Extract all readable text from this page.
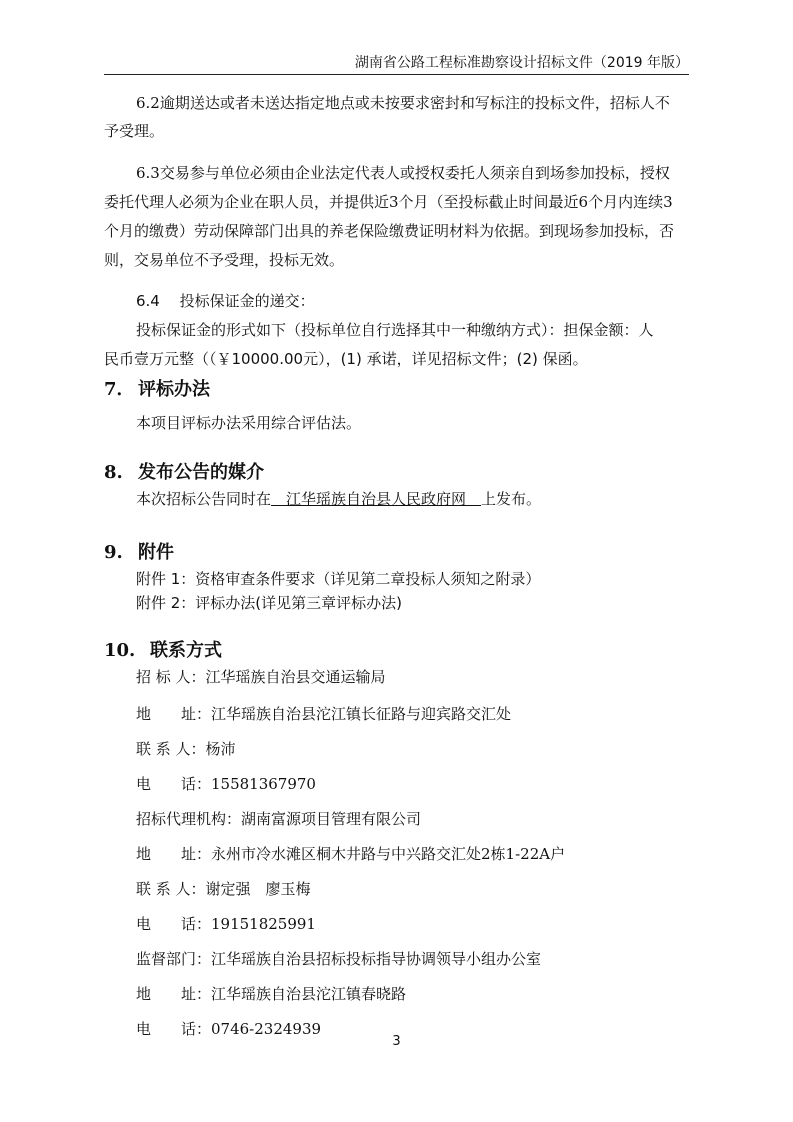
湖南省公路工程标准勘察设计招标文件（2019 年版）
6.2逾期送达或者未送达指定地点或未按要求密封和写标注的投标文件，招标人不
予受理。
6.3交易参与单位必须由企业法定代表人或授权委托人须亲自到场参加投标，授权
委托代理人必须为企业在职人员，并提供近3个月（至投标截止时间最近6个月内连续3
个月的缴费）劳动保障部门出具的养老保险缴费证明材料为依据。到现场参加投标，否
则，交易单位不予受理，投标无效。
6.4　 投标保证金的递交：
投标保证金的形式如下（投标单位自行选择其中一种缴纳方式）：担保金额：人
民币壹万元整（（￥10000.00元），(1) 承诺，详见招标文件；(2) 保函。
7． 评标办法
本项目评标办法采用综合评估法。
8. 发布公告的媒介
本次招标公告同时在　江华瑶族自治县人民政府网　上发布。
9. 附件
附件 1：资格审查条件要求（详见第二章投标人须知之附录）
附件 2：评标办法(详见第三章评标办法)
10. 联系方式
招 标 人：江华瑶族自治县交通运输局
地　　址：江华瑶族自治县沱江镇长征路与迎宾路交汇处
联 系 人：杨沛
电　　话：15581367970
招标代理机构：湖南富源项目管理有限公司
地　　址：永州市冷水滩区桐木井路与中兴路交汇处2栋1-22A户
联 系 人：谢定强　廖玉梅
电　　话：19151825991
监督部门：江华瑶族自治县招标投标指导协调领导小组办公室
地　　址：江华瑶族自治县沱江镇春晓路
电　　话：0746-2324939
3
